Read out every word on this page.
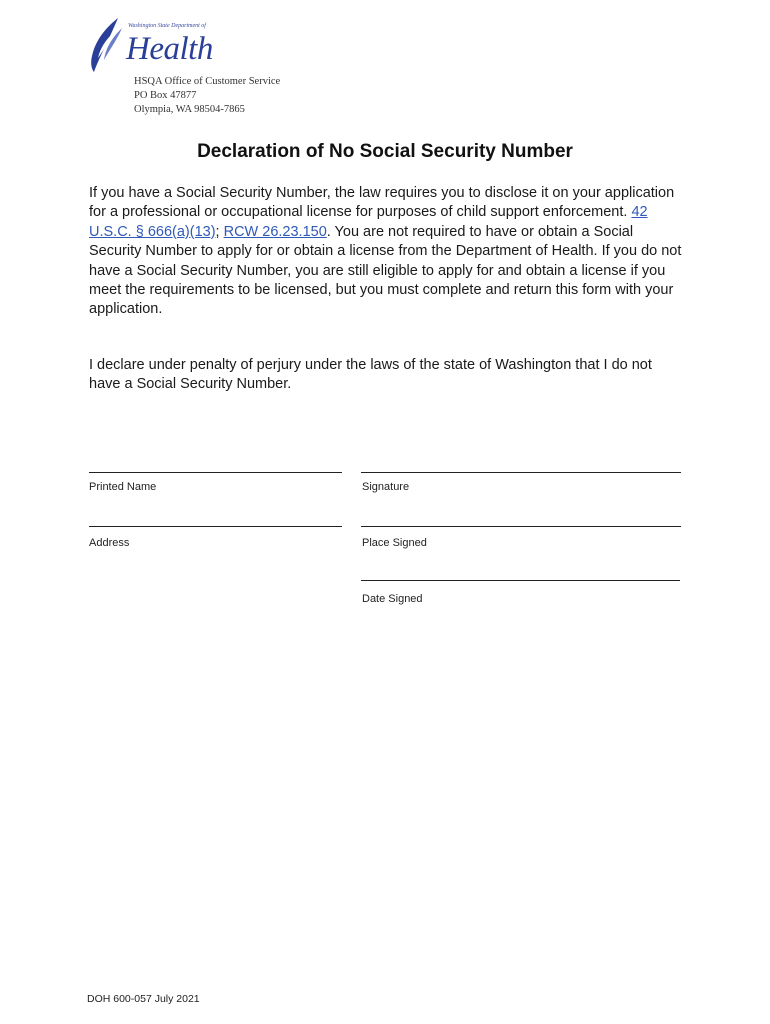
Washington State Department of
Health
HSQA Office of Customer Service
PO Box 47877
Olympia, WA 98504-7865
Declaration of No Social Security Number
If you have a Social Security Number, the law requires you to disclose it on your application for a professional or occupational license for purposes of child support enforcement. 42 U.S.C. § 666(a)(13); RCW 26.23.150. You are not required to have or obtain a Social Security Number to apply for or obtain a license from the Department of Health. If you do not have a Social Security Number, you are still eligible to apply for and obtain a license if you meet the requirements to be licensed, but you must complete and return this form with your application.
I declare under penalty of perjury under the laws of the state of Washington that I do not have a Social Security Number.
Printed Name	Signature
Address	Place Signed
Date Signed
DOH 600-057 July 2021
